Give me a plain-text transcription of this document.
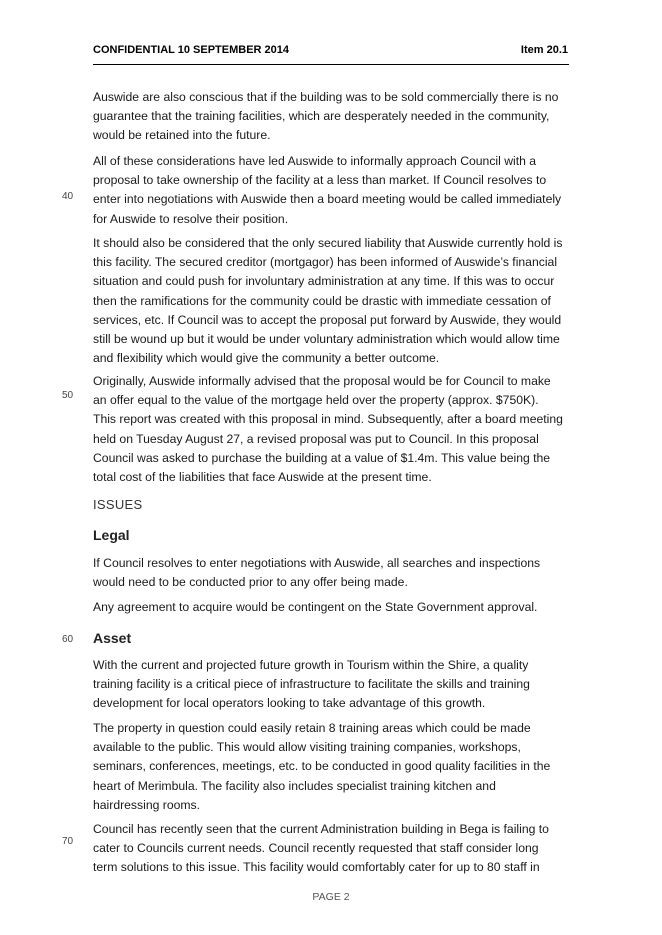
CONFIDENTIAL 10 SEPTEMBER 2014	Item 20.1
40
50
60
70
Auswide are also conscious that if the building was to be sold commercially there is no
guarantee that the training facilities, which are desperately needed in the community,
would be retained into the future.
All of these considerations have led Auswide to informally approach Council with a
proposal to take ownership of the facility at a less than market. If Council resolves to
enter into negotiations with Auswide then a board meeting would be called immediately
for Auswide to resolve their position.
It should also be considered that the only secured liability that Auswide currently hold is
this facility. The secured creditor (mortgagor) has been informed of Auswide’s financial
situation and could push for involuntary administration at any time. If this was to occur
then the ramifications for the community could be drastic with immediate cessation of
services, etc. If Council was to accept the proposal put forward by Auswide, they would
still be wound up but it would be under voluntary administration which would allow time
and flexibility which would give the community a better outcome.
Originally, Auswide informally advised that the proposal would be for Council to make
an offer equal to the value of the mortgage held over the property (approx. $750K).
This report was created with this proposal in mind. Subsequently, after a board meeting
held on Tuesday August 27, a revised proposal was put to Council. In this proposal
Council was asked to purchase the building at a value of $1.4m. This value being the
total cost of the liabilities that face Auswide at the present time.
ISSUES
Legal
If Council resolves to enter negotiations with Auswide, all searches and inspections
would need to be conducted prior to any offer being made.
Any agreement to acquire would be contingent on the State Government approval.
Asset
With the current and projected future growth in Tourism within the Shire, a quality
training facility is a critical piece of infrastructure to facilitate the skills and training
development for local operators looking to take advantage of this growth.
The property in question could easily retain 8 training areas which could be made
available to the public. This would allow visiting training companies, workshops,
seminars, conferences, meetings, etc. to be conducted in good quality facilities in the
heart of Merimbula. The facility also includes specialist training kitchen and
hairdressing rooms.
Council has recently seen that the current Administration building in Bega is failing to
cater to Councils current needs. Council recently requested that staff consider long
term solutions to this issue. This facility would comfortably cater for up to 80 staff in
PAGE 2
